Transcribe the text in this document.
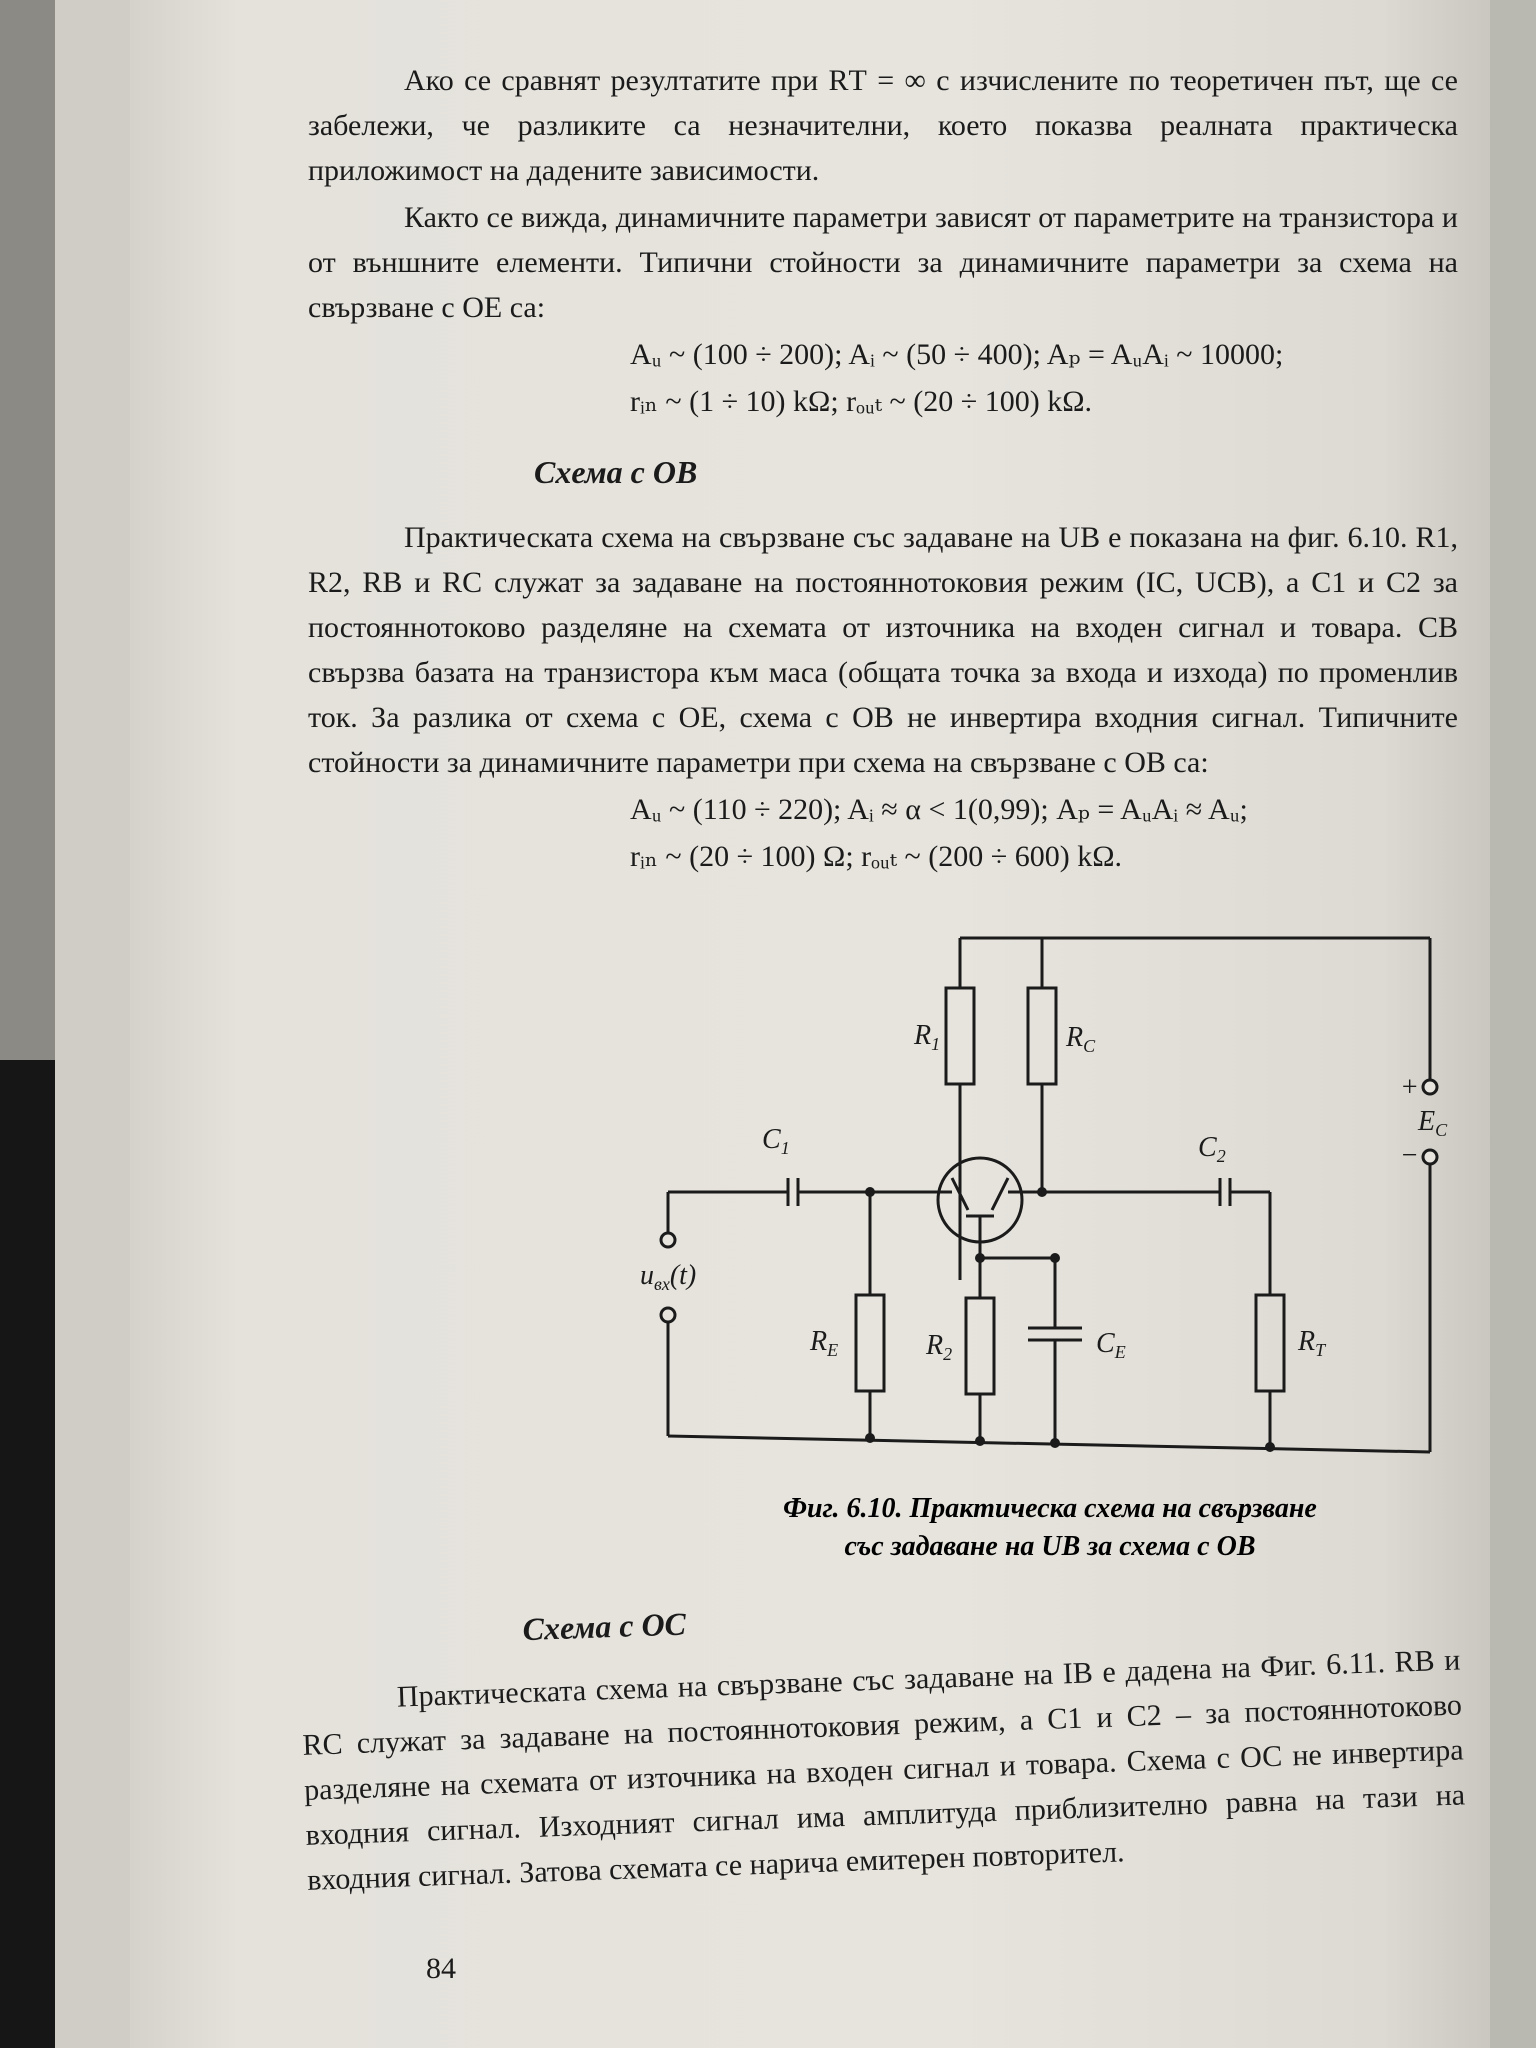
Ако се сравнят резултатите при RТ = ∞ с изчислените по теоретичен път, ще се забележи, че разликите са незначителни, което показва реалната практическа приложимост на дадените зависимости.

Както се вижда, динамичните параметри зависят от параметрите на транзистора и от външните елементи. Типични стойности за динамичните параметри за схема на свързване с ОЕ са:

Aᵤ ~ (100 ÷ 200); Aᵢ ~ (50 ÷ 400); Aₚ = AᵤAᵢ ~ 10000;

rᵢₙ ~ (1 ÷ 10) kΩ; rₒᵤₜ ~ (20 ÷ 100) kΩ.

Схема с ОВ

Практическата схема на свързване със задаване на UВ е показана на фиг. 6.10. R1, R2, RВ и RС служат за задаване на постояннотоковия режим (IС, UСВ), а C1 и C2 за постояннотоково разделяне на схемата от източника на входен сигнал и товара. CВ свързва базата на транзистора към маса (общата точка за входа и изхода) по променлив ток. За разлика от схема с ОЕ, схема с ОВ не инвертира входния сигнал. Типичните стойности за динамичните параметри при схема на свързване с ОВ са:

Aᵤ ~ (110 ÷ 220); Aᵢ ≈ α < 1(0,99); Aₚ = AᵤAᵢ ≈ Aᵤ;

rᵢₙ ~ (20 ÷ 100) Ω; rₒᵤₜ ~ (200 ÷ 600) kΩ.

$R_1$	$R_C$
$C_1$	$C_2$
$R_E$	$R_2$	$C_E$	$R_T$
+
−
$E_C$
$u_{вх}(t)$
Фиг. 6.10. Практическа схема на свързване
със задаване на UВ за схема с ОВ
Схема с ОС

Практическата схема на свързване със задаване на IВ е дадена на Фиг. 6.11. RВ и RС служат за задаване на постояннотоковия режим, а C1 и C2 – за постояннотоково разделяне на схемата от източника на входен сигнал и товара. Схема с ОС не инвертира входния сигнал. Изходният сигнал има амплитуда приблизително равна на тази на входния сигнал. Затова схемата се нарича емитерен повторител.

84
